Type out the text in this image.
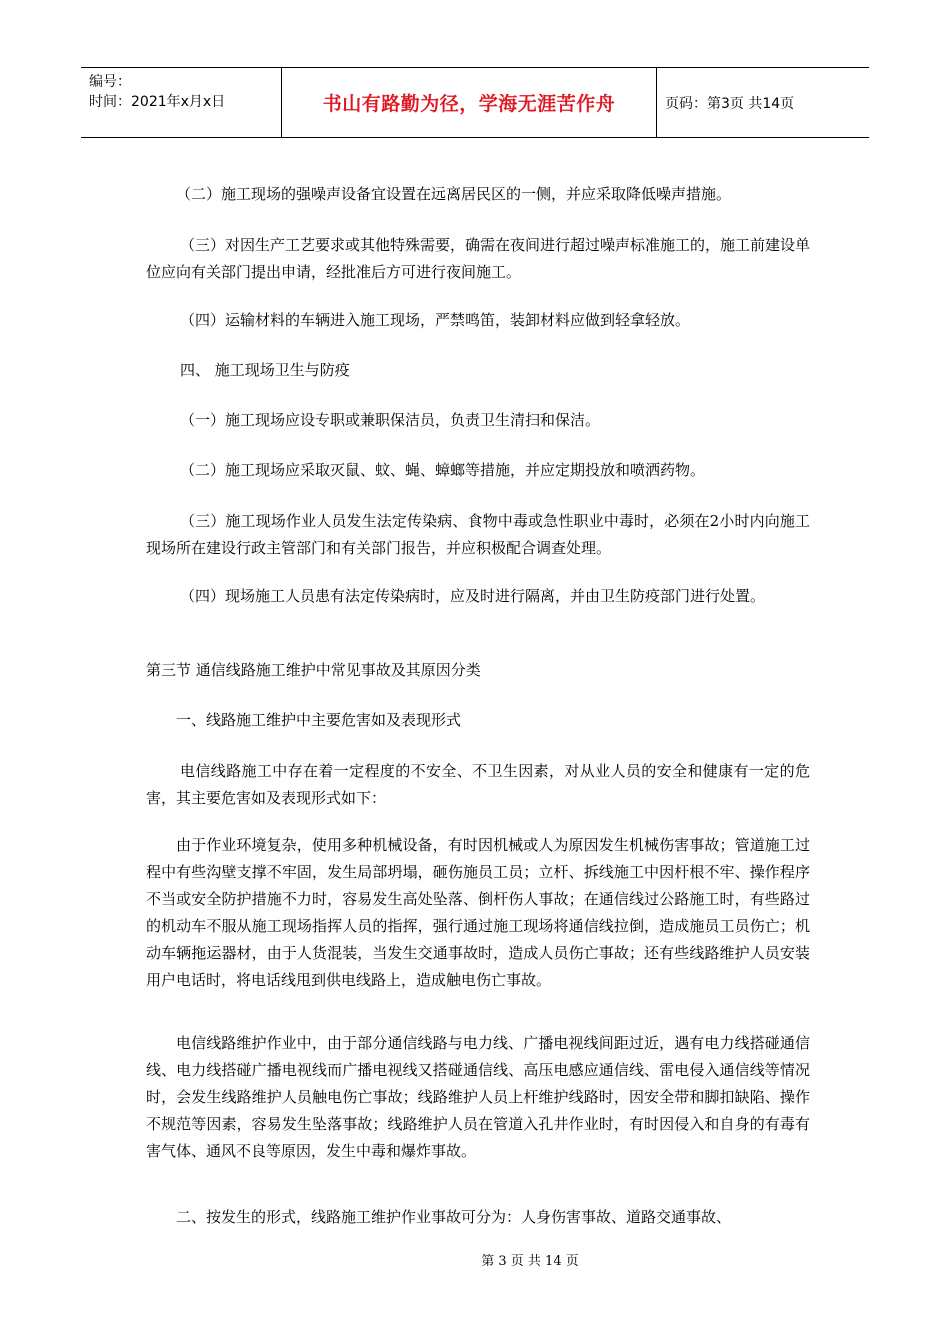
编号：
时间：2021年x月x日	书山有路勤为径，学海无涯苦作舟	页码：第3页 共14页

（二）施工现场的强噪声设备宜设置在远离居民区的一侧，并应采取降低噪声措施。

（三）对因生产工艺要求或其他特殊需要，确需在夜间进行超过噪声标准施工的，施工前建设单位应向有关部门提出申请，经批准后方可进行夜间施工。

（四）运输材料的车辆进入施工现场，严禁鸣笛，装卸材料应做到轻拿轻放。

四、 施工现场卫生与防疫

（一）施工现场应设专职或兼职保洁员，负责卫生清扫和保洁。

（二）施工现场应采取灭鼠、蚊、蝇、蟑螂等措施，并应定期投放和喷洒药物。

（三）施工现场作业人员发生法定传染病、食物中毒或急性职业中毒时，必须在2小时内向施工现场所在建设行政主管部门和有关部门报告，并应积极配合调查处理。

（四）现场施工人员患有法定传染病时，应及时进行隔离，并由卫生防疫部门进行处置。

第三节 通信线路施工维护中常见事故及其原因分类

一、线路施工维护中主要危害如及表现形式

电信线路施工中存在着一定程度的不安全、不卫生因素，对从业人员的安全和健康有一定的危害，其主要危害如及表现形式如下：

由于作业环境复杂，使用多种机械设备，有时因机械或人为原因发生机械伤害事故；管道施工过程中有些沟壁支撑不牢固，发生局部坍塌，砸伤施员工员；立杆、拆线施工中因杆根不牢、操作程序不当或安全防护措施不力时，容易发生高处坠落、倒杆伤人事故；在通信线过公路施工时，有些路过的机动车不服从施工现场指挥人员的指挥，强行通过施工现场将通信线拉倒，造成施员工员伤亡；机动车辆拖运器材，由于人货混装，当发生交通事故时，造成人员伤亡事故；还有些线路维护人员安装用户电话时，将电话线甩到供电线路上，造成触电伤亡事故。

电信线路维护作业中，由于部分通信线路与电力线、广播电视线间距过近，遇有电力线搭碰通信线、电力线搭碰广播电视线而广播电视线又搭碰通信线、高压电感应通信线、雷电侵入通信线等情况时，会发生线路维护人员触电伤亡事故；线路维护人员上杆维护线路时，因安全带和脚扣缺陷、操作不规范等因素，容易发生坠落事故；线路维护人员在管道入孔井作业时，有时因侵入和自身的有毒有害气体、通风不良等原因，发生中毒和爆炸事故。

二、按发生的形式，线路施工维护作业事故可分为：人身伤害事故、道路交通事故、

第 3 页 共 14 页
